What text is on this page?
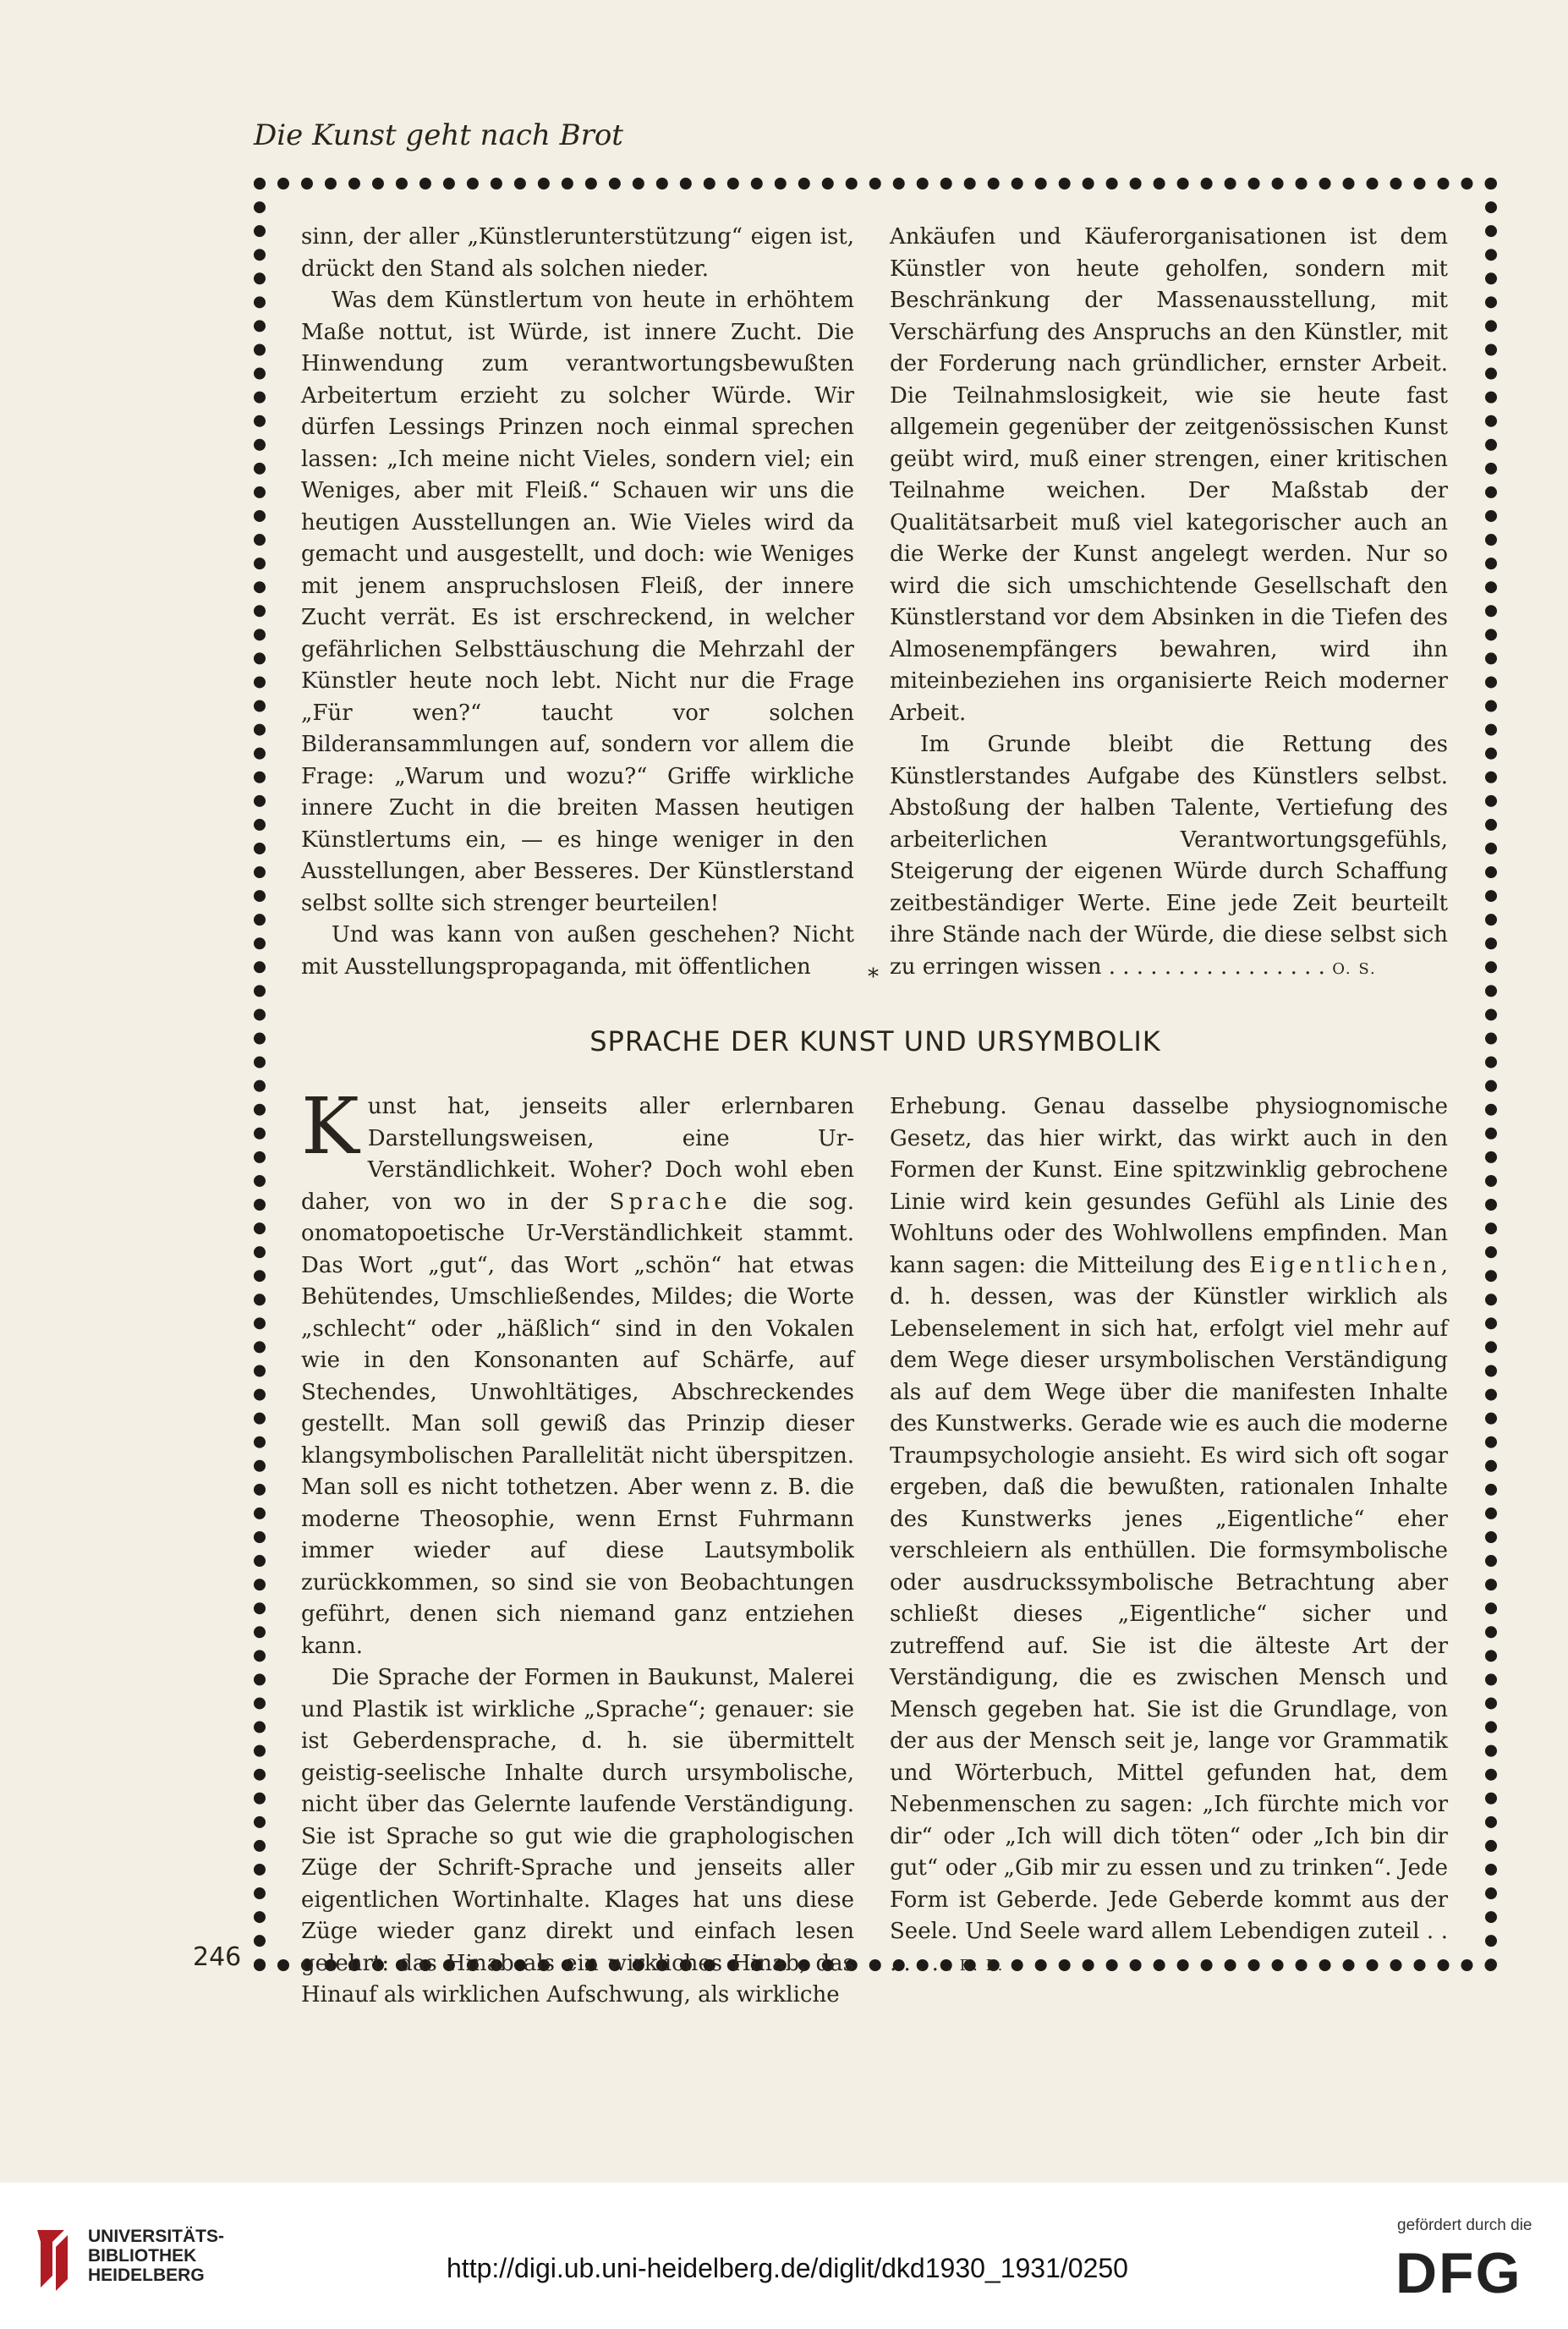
Die Kunst geht nach Brot

sinn, der aller „Künstlerunterstützung“ eigen ist, drückt den Stand als solchen nieder.

Was dem Künstlertum von heute in erhöhtem Maße nottut, ist Würde, ist innere Zucht. Die Hinwendung zum verantwortungsbewußten Arbeitertum erzieht zu solcher Würde. Wir dürfen Lessings Prinzen noch einmal sprechen lassen: „Ich meine nicht Vieles, sondern viel; ein Weniges, aber mit Fleiß.“ Schauen wir uns die heutigen Ausstellungen an. Wie Vieles wird da gemacht und ausgestellt, und doch: wie Weniges mit jenem anspruchslosen Fleiß, der innere Zucht verrät. Es ist erschreckend, in welcher gefährlichen Selbsttäuschung die Mehrzahl der Künstler heute noch lebt. Nicht nur die Frage „Für wen?“ taucht vor solchen Bilderansammlungen auf, sondern vor allem die Frage: „Warum und wozu?“ Griffe wirkliche innere Zucht in die breiten Massen heutigen Künstlertums ein, — es hinge weniger in den Ausstellungen, aber Besseres. Der Künstlerstand selbst sollte sich strenger beurteilen!

Und was kann von außen geschehen? Nicht mit Ausstellungspropaganda, mit öffentlichen

Ankäufen und Käuferorganisationen ist dem Künstler von heute geholfen, sondern mit Beschränkung der Massenausstellung, mit Verschärfung des Anspruchs an den Künstler, mit der Forderung nach gründlicher, ernster Arbeit. Die Teilnahmslosigkeit, wie sie heute fast allgemein gegenüber der zeitgenössischen Kunst geübt wird, muß einer strengen, einer kritischen Teilnahme weichen. Der Maßstab der Qualitätsarbeit muß viel kategorischer auch an die Werke der Kunst angelegt werden. Nur so wird die sich umschichtende Gesellschaft den Künstlerstand vor dem Absinken in die Tiefen des Almosenempfängers bewahren, wird ihn miteinbeziehen ins organisierte Reich moderner Arbeit.

Im Grunde bleibt die Rettung des Künstlerstandes Aufgabe des Künstlers selbst. Abstoßung der halben Talente, Vertiefung des arbeiterlichen Verantwortungsgefühls, Steigerung der eigenen Würde durch Schaffung zeitbeständiger Werte. Eine jede Zeit beurteilt ihre Stände nach der Würde, die diese selbst sich zu erringen wissen . . . . . . . . . . . . . . . . O. S.

*
SPRACHE DER KUNST UND URSYMBOLIK

Kunst hat, jenseits aller erlernbaren Darstellungsweisen, eine Ur-Verständlichkeit. Woher? Doch wohl eben daher, von wo in der Sprache die sog. onomatopoetische Ur-Verständlichkeit stammt. Das Wort „gut“, das Wort „schön“ hat etwas Behütendes, Umschließendes, Mildes; die Worte „schlecht“ oder „häßlich“ sind in den Vokalen wie in den Konsonanten auf Schärfe, auf Stechendes, Unwohltätiges, Abschreckendes gestellt. Man soll gewiß das Prinzip dieser klangsymbolischen Parallelität nicht überspitzen. Man soll es nicht tothetzen. Aber wenn z. B. die moderne Theosophie, wenn Ernst Fuhrmann immer wieder auf diese Lautsymbolik zurückkommen, so sind sie von Beobachtungen geführt, denen sich niemand ganz entziehen kann.

Die Sprache der Formen in Baukunst, Malerei und Plastik ist wirkliche „Sprache“; genauer: sie ist Geberdensprache, d. h. sie übermittelt geistig-seelische Inhalte durch ursymbolische, nicht über das Gelernte laufende Verständigung. Sie ist Sprache so gut wie die graphologischen Züge der Schrift-Sprache und jenseits aller eigentlichen Wortinhalte. Klages hat uns diese Züge wieder ganz direkt und einfach lesen gelehrt: das Hinab als ein wirkliches Hinab, das Hinauf als wirklichen Aufschwung, als wirkliche

Erhebung. Genau dasselbe physiognomische Gesetz, das hier wirkt, das wirkt auch in den Formen der Kunst. Eine spitzwinklig gebrochene Linie wird kein gesundes Gefühl als Linie des Wohltuns oder des Wohlwollens empfinden. Man kann sagen: die Mitteilung des Eigentlichen, d. h. dessen, was der Künstler wirklich als Lebenselement in sich hat, erfolgt viel mehr auf dem Wege dieser ursymbolischen Verständigung als auf dem Wege über die manifesten Inhalte des Kunstwerks. Gerade wie es auch die moderne Traumpsychologie ansieht. Es wird sich oft sogar ergeben, daß die bewußten, rationalen Inhalte des Kunstwerks jenes „Eigentliche“ eher verschleiern als enthüllen. Die formsymbolische oder ausdruckssymbolische Betrachtung aber schließt dieses „Eigentliche“ sicher und zutreffend auf. Sie ist die älteste Art der Verständigung, die es zwischen Mensch und Mensch gegeben hat. Sie ist die Grundlage, von der aus der Mensch seit je, lange vor Grammatik und Wörterbuch, Mittel gefunden hat, dem Nebenmenschen zu sagen: „Ich fürchte mich vor dir“ oder „Ich will dich töten“ oder „Ich bin dir gut“ oder „Gib mir zu essen und zu trinken“. Jede Form ist Geberde. Jede Geberde kommt aus der Seele. Und Seele ward allem Lebendigen zuteil . . . . . . . R. L.

246
UNIVERSITÄTS-
BIBLIOTHEK
HEIDELBERG	http://digi.ub.uni-heidelberg.de/diglit/dkd1930_1931/0250
gefördert durch die
DFG
